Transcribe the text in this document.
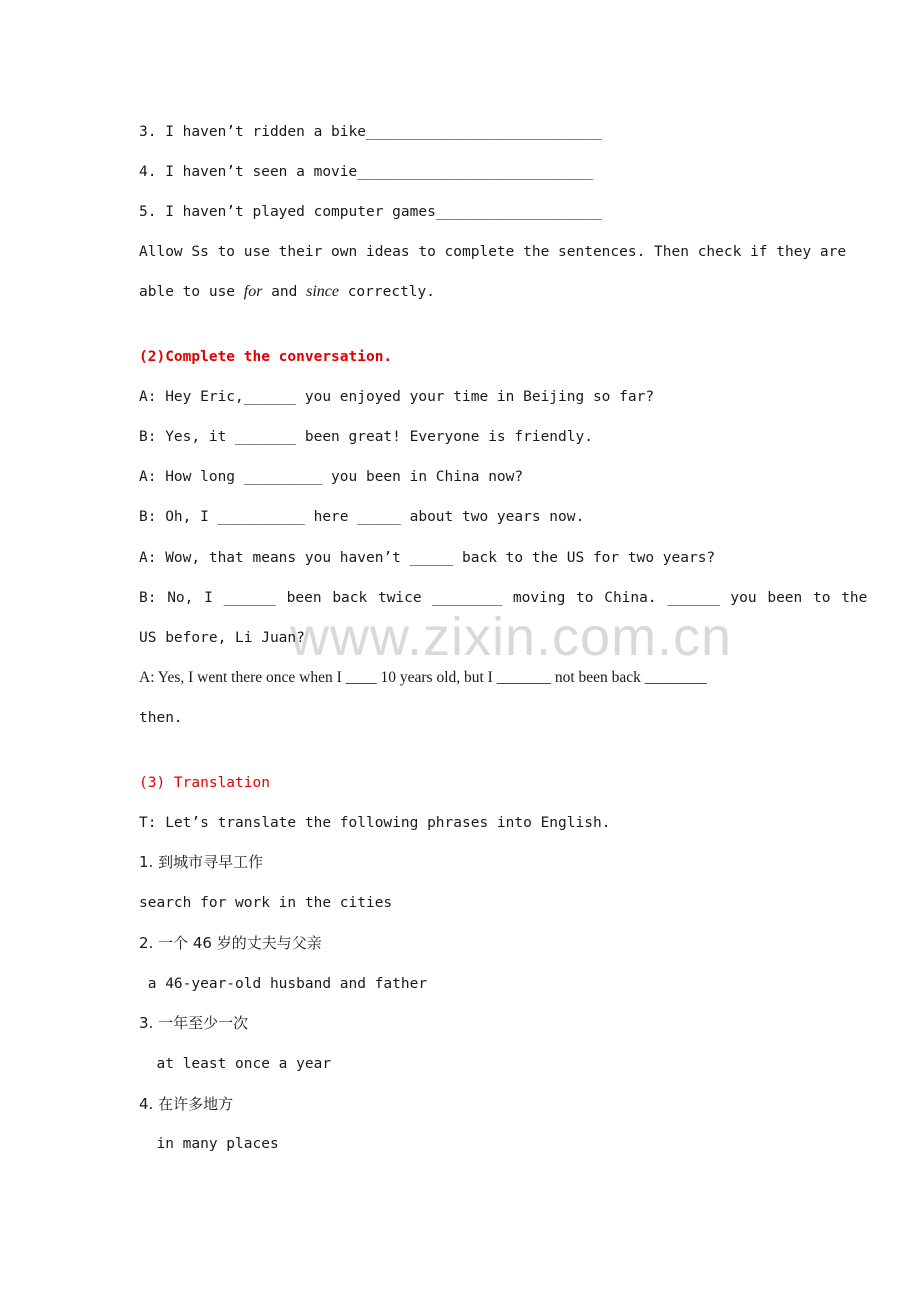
www.zixin.com.cn
3. I haven’t ridden a bike___________________________
4. I haven’t seen a movie___________________________
5. I haven’t played computer games___________________
Allow Ss to use their own ideas to complete the sentences. Then check if they are
able to use for and since correctly.
(2)Complete the conversation.
A: Hey Eric,______ you enjoyed your time in Beijing so far?
B: Yes, it _______ been great! Everyone is friendly.
A: How long _________ you been in China now?
B: Oh, I __________ here _____ about two years now.
A: Wow, that means you haven’t _____ back to the US for two years?
B: No, I ______ been back twice ________ moving to China. ______ you been to the
US before, Li Juan?
A: Yes, I went there once when I ____ 10 years old, but I _______ not been back ________
then.
(3) Translation
T: Let’s translate the following phrases into English.
1. 到城市寻早工作
search for work in the cities
2. 一个 46 岁的丈夫与父亲
a 46-year-old husband and father
3. 一年至少一次
at least once a year
4. 在许多地方
in many places
